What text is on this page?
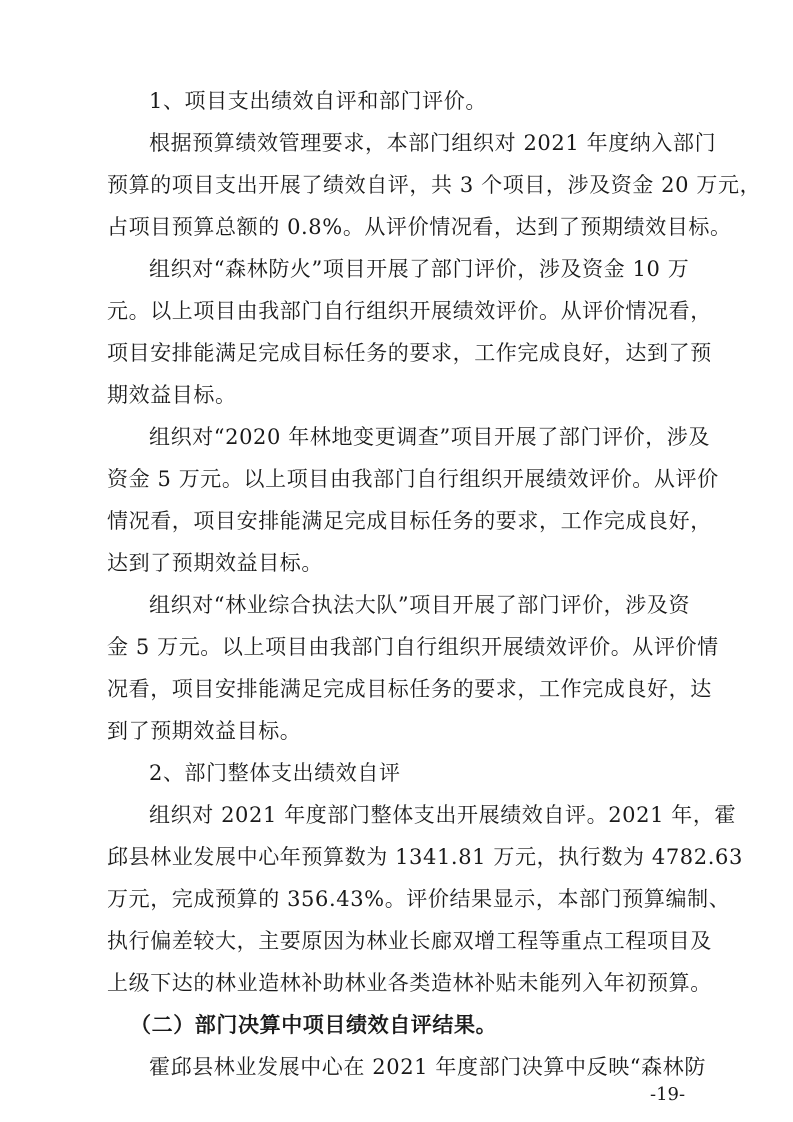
1、项目支出绩效自评和部门评价。
根据预算绩效管理要求，本部门组织对 2021 年度纳入部门
预算的项目支出开展了绩效自评，共 3 个项目，涉及资金 20 万元，
占项目预算总额的 0.8%。从评价情况看，达到了预期绩效目标。
组织对“森林防火”项目开展了部门评价，涉及资金 10 万
元。以上项目由我部门自行组织开展绩效评价。从评价情况看，
项目安排能满足完成目标任务的要求，工作完成良好，达到了预
期效益目标。
组织对“2020 年林地变更调查”项目开展了部门评价，涉及
资金 5 万元。以上项目由我部门自行组织开展绩效评价。从评价
情况看，项目安排能满足完成目标任务的要求，工作完成良好，
达到了预期效益目标。
组织对“林业综合执法大队”项目开展了部门评价，涉及资
金 5 万元。以上项目由我部门自行组织开展绩效评价。从评价情
况看，项目安排能满足完成目标任务的要求，工作完成良好，达
到了预期效益目标。
2、部门整体支出绩效自评
组织对 2021 年度部门整体支出开展绩效自评。2021 年，霍
邱县林业发展中心年预算数为 1341.81 万元，执行数为 4782.63
万元，完成预算的 356.43%。评价结果显示，本部门预算编制、
执行偏差较大，主要原因为林业长廊双增工程等重点工程项目及
上级下达的林业造林补助林业各类造林补贴未能列入年初预算。
（二）部门决算中项目绩效自评结果。
霍邱县林业发展中心在 2021 年度部门决算中反映“森林防
-19-
